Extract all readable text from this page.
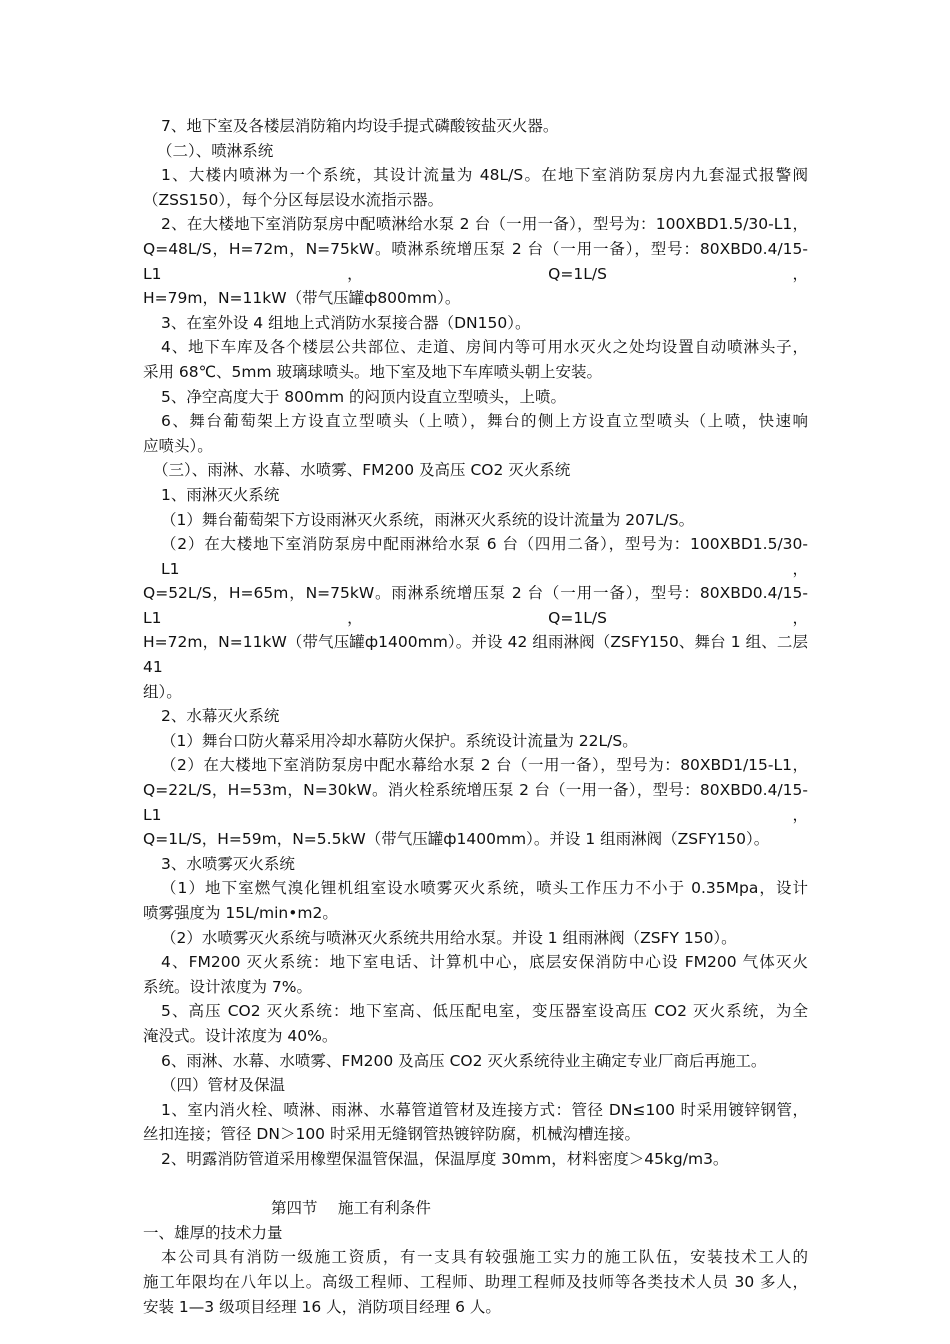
7、地下室及各楼层消防箱内均设手提式磷酸铵盐灭火器。
（二）、喷淋系统
1、大楼内喷淋为一个系统，其设计流量为 48L/S。在地下室消防泵房内九套湿式报警阀
（ZSS150），每个分区每层设水流指示器。
2、在大楼地下室消防泵房中配喷淋给水泵 2 台（一用一备），型号为：100XBD1.5/30-L1，
Q=48L/S，H=72m，N=75kW。喷淋系统增压泵 2 台（一用一备），型号：80XBD0.4/15-L1，Q=1L/S，
H=79m，N=11kW（带气压罐ф800mm）。
3、在室外设 4 组地上式消防水泵接合器（DN150）。
4、地下车库及各个楼层公共部位、走道、房间内等可用水灭火之处均设置自动喷淋头子，
采用 68℃、5mm 玻璃球喷头。地下室及地下车库喷头朝上安装。
5、净空高度大于 800mm 的闷顶内设直立型喷头，上喷。
6、舞台葡萄架上方设直立型喷头（上喷），舞台的侧上方设直立型喷头（上喷，快速响
应喷头）。
（三）、雨淋、水幕、水喷雾、FM200 及高压 CO2 灭火系统
1、雨淋灭火系统
（1）舞台葡萄架下方设雨淋灭火系统，雨淋灭火系统的设计流量为 207L/S。
（2）在大楼地下室消防泵房中配雨淋给水泵 6 台（四用二备），型号为：100XBD1.5/30-L1，
Q=52L/S，H=65m，N=75kW。雨淋系统增压泵 2 台（一用一备），型号：80XBD0.4/15-L1，Q=1L/S，
H=72m，N=11kW（带气压罐ф1400mm）。并设 42 组雨淋阀（ZSFY150、舞台 1 组、二层 41
组）。
2、水幕灭火系统
（1）舞台口防火幕采用冷却水幕防火保护。系统设计流量为 22L/S。
（2）在大楼地下室消防泵房中配水幕给水泵 2 台（一用一备），型号为：80XBD1/15-L1，
Q=22L/S，H=53m，N=30kW。消火栓系统增压泵 2 台（一用一备），型号：80XBD0.4/15-L1，
Q=1L/S，H=59m，N=5.5kW（带气压罐ф1400mm）。并设 1 组雨淋阀（ZSFY150）。
3、水喷雾灭火系统
（1）地下室燃气溴化锂机组室设水喷雾灭火系统，喷头工作压力不小于 0.35Mpa，设计
喷雾强度为 15L/min•m2。
（2）水喷雾灭火系统与喷淋灭火系统共用给水泵。并设 1 组雨淋阀（ZSFY 150）。
4、FM200 灭火系统：地下室电话、计算机中心，底层安保消防中心设 FM200 气体灭火
系统。设计浓度为 7%。
5、高压 CO2 灭火系统：地下室高、低压配电室，变压器室设高压 CO2 灭火系统，为全
淹没式。设计浓度为 40%。
6、雨淋、水幕、水喷雾、FM200 及高压 CO2 灭火系统待业主确定专业厂商后再施工。
（四）管材及保温
1、室内消火栓、喷淋、雨淋、水幕管道管材及连接方式：管径 DN≤100 时采用镀锌钢管，
丝扣连接；管径 DN＞100 时采用无缝钢管热镀锌防腐，机械沟槽连接。
2、明露消防管道采用橡塑保温管保温，保温厚度 30mm，材料密度＞45kg/m3。
第四节　 施工有利条件
一、雄厚的技术力量
本公司具有消防一级施工资质，有一支具有较强施工实力的施工队伍，安装技术工人的
施工年限均在八年以上。高级工程师、工程师、助理工程师及技师等各类技术人员 30 多人，
安装 1—3 级项目经理 16 人，消防项目经理 6 人。
